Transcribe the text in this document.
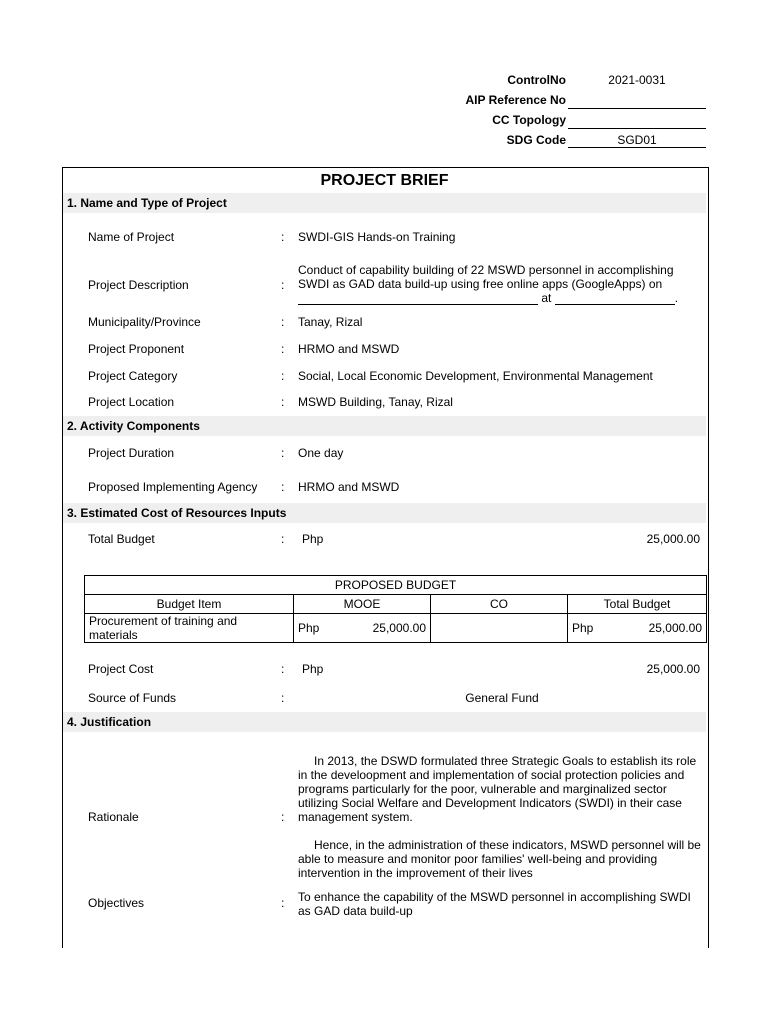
ControlNo	2021-0031
AIP Reference No
CC Topology
SDG Code	SGD01
PROJECT BRIEF
1. Name and Type of Project
Name of Project	: SWDI-GIS Hands-on Training
Project Description	:
Conduct of capability building of 22 MSWD personnel in accomplishing SWDI as GAD data build-up using free online apps (GoogleApps) on
at	.
Municipality/Province	: Tanay, Rizal
Project Proponent	: HRMO and MSWD
Project Category	: Social, Local Economic Development, Environmental Management
Project Location	: MSWD Building, Tanay, Rizal
2. Activity Components
Project Duration	: One day
Proposed Implementing Agency : HRMO and MSWD
3. Estimated Cost of Resources Inputs
Total Budget	: Php	25,000.00
PROPOSED BUDGET			
Budget Item	MOOE	CO	Total Budget
Procurement of training and materials	Php 25,000.00		Php 25,000.00
Project Cost	: Php	25,000.00
Source of Funds	:	General Fund
4. Justification
Rationale	:

In 2013, the DSWD formulated three Strategic Goals to establish its role in the develoopment and implementation of social protection policies and programs particularly for the poor, vulnerable and marginalized sector utilizing Social Welfare and Development Indicators (SWDI) in their case management system.

Hence, in the administration of these indicators, MSWD personnel will be able to measure and monitor poor families' well-being and providing intervention in the improvement of their lives

Objectives	: To enhance the capability of the MSWD personnel in accomplishing SWDI as GAD data build-up
